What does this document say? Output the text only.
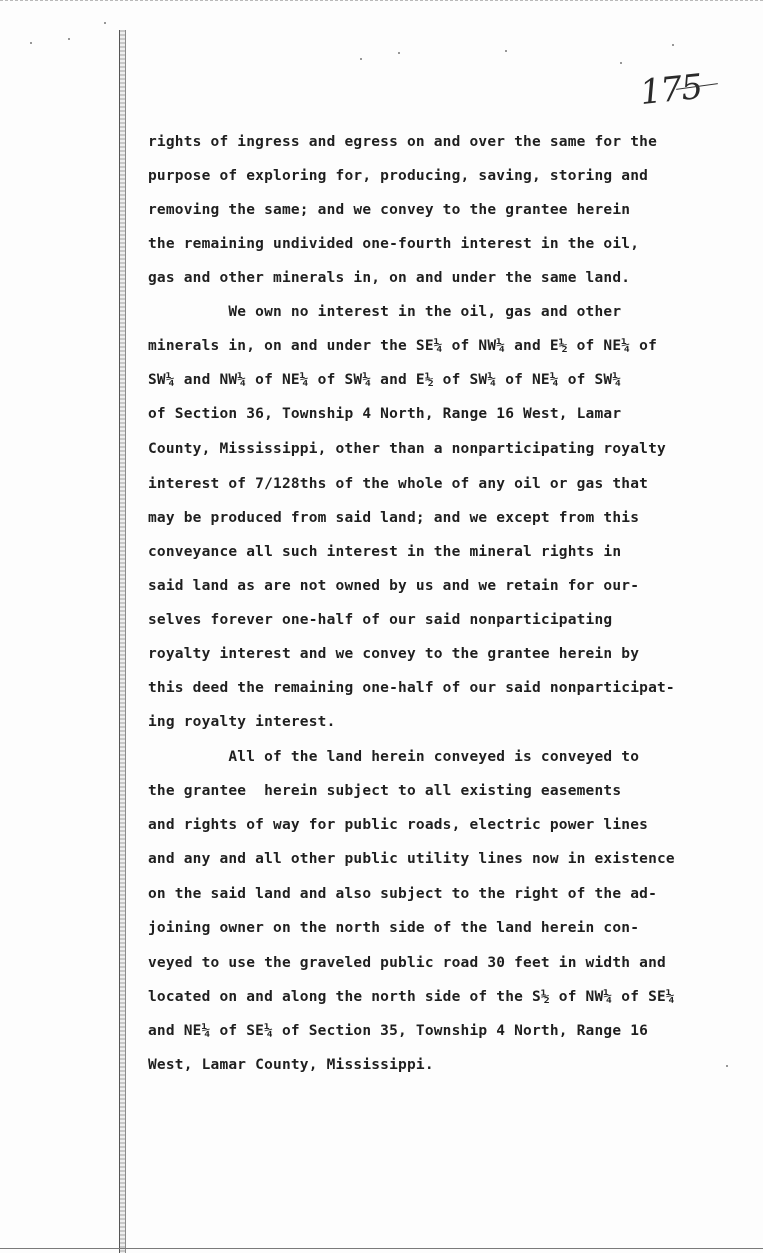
175
rights of ingress and egress on and over the same for the
purpose of exploring for, producing, saving, storing and
removing the same; and we convey to the grantee herein
the remaining undivided one-fourth interest in the oil,
gas and other minerals in, on and under the same land.
We own no interest in the oil, gas and other
minerals in, on and under the SE¼ of NW¼ and E½ of NE¼ of
SW¼ and NW¼ of NE¼ of SW¼ and E½ of SW¼ of NE¼ of SW¼
of Section 36, Township 4 North, Range 16 West, Lamar
County, Mississippi, other than a nonparticipating royalty
interest of 7/128ths of the whole of any oil or gas that
may be produced from said land; and we except from this
conveyance all such interest in the mineral rights in
said land as are not owned by us and we retain for our-
selves forever one-half of our said nonparticipating
royalty interest and we convey to the grantee herein by
this deed the remaining one-half of our said nonparticipat-
ing royalty interest.
All of the land herein conveyed is conveyed to
the grantee  herein subject to all existing easements
and rights of way for public roads, electric power lines
and any and all other public utility lines now in existence
on the said land and also subject to the right of the ad-
joining owner on the north side of the land herein con-
veyed to use the graveled public road 30 feet in width and
located on and along the north side of the S½ of NW¼ of SE¼
and NE¼ of SE¼ of Section 35, Township 4 North, Range 16
West, Lamar County, Mississippi.
